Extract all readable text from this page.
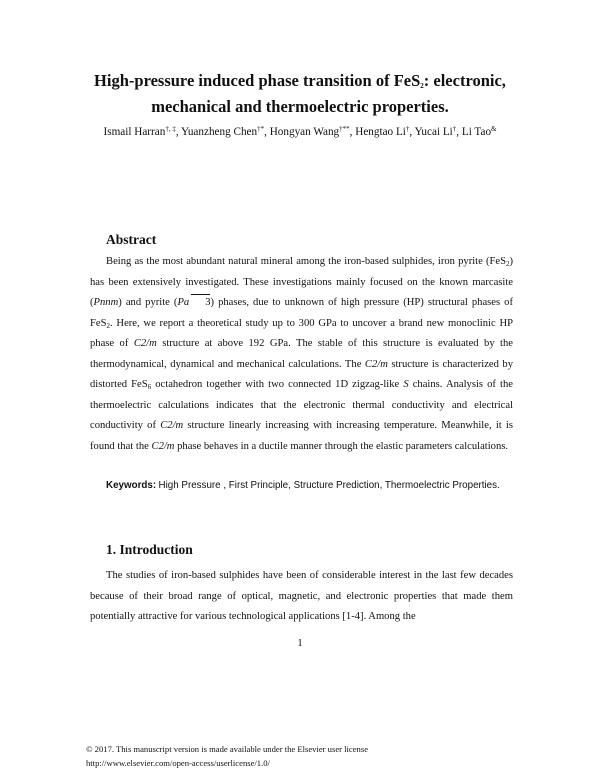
High-pressure induced phase transition of FeS$_2$: electronic,
mechanical and thermoelectric properties.
Ismail Harran†, ‡, Yuanzheng Chen†*, Hongyan Wang†**, Hengtao Li†, Yucai Li†, Li Tao&
Abstract

Being as the most abundant natural mineral among the iron-based sulphides, iron pyrite (FeS$_2$) has been extensively investigated. These investigations mainly focused on the known marcasite (Pnnm) and pyrite (Pa 3) phases, due to unknown of high pressure (HP) structural phases of FeS$_2$. Here, we report a theoretical study up to 300 GPa to uncover a brand new monoclinic HP phase of C2/m structure at above 192 GPa. The stable of this structure is evaluated by the thermodynamical, dynamical and mechanical calculations. The C2/m structure is characterized by distorted FeS$_6$ octahedron together with two connected 1D zigzag-like S chains. Analysis of the thermoelectric calculations indicates that the electronic thermal conductivity and electrical conductivity of C2/m structure linearly increasing with increasing temperature. Meanwhile, it is found that the C2/m phase behaves in a ductile manner through the elastic parameters calculations.

Keywords: High Pressure , First Principle, Structure Prediction, Thermoelectric Properties.
1. Introduction

The studies of iron-based sulphides have been of considerable interest in the last few decades because of their broad range of optical, magnetic, and electronic properties that made them potentially attractive for various technological applications [1-4]. Among the

1
© 2017. This manuscript version is made available under the Elsevier user license
http://www.elsevier.com/open-access/userlicense/1.0/
